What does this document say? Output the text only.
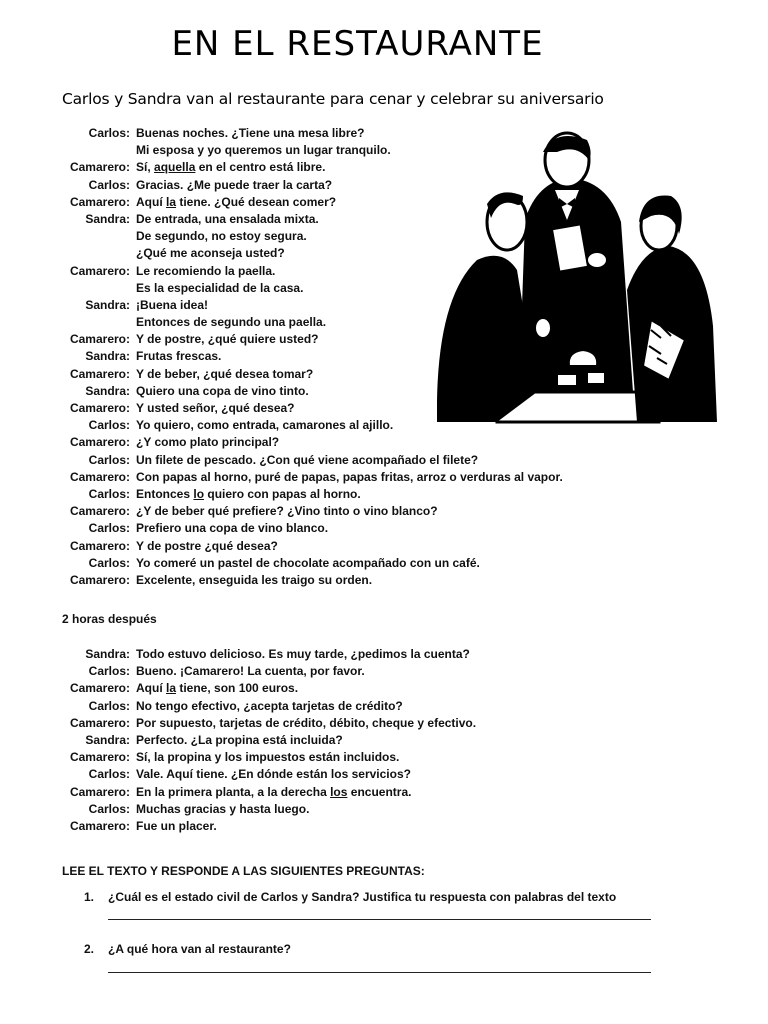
EN EL RESTAURANTE
Carlos y Sandra van al restaurante para cenar y celebrar su aniversario
Carlos: Buenas noches. ¿Tiene una mesa libre?
Mi esposa y yo queremos un lugar tranquilo.
Camarero: Sí, aquella en el centro está libre.
Carlos: Gracias. ¿Me puede traer la carta?
Camarero: Aquí la tiene. ¿Qué desean comer?
Sandra: De entrada, una ensalada mixta.
De segundo, no estoy segura.
¿Qué me aconseja usted?
Camarero: Le recomiendo la paella.
Es la especialidad de la casa.
Sandra: ¡Buena idea!
Entonces de segundo una paella.
Camarero: Y de postre, ¿qué quiere usted?
Sandra: Frutas frescas.
Camarero: Y de beber, ¿qué desea tomar?
Sandra: Quiero una copa de vino tinto.
Camarero: Y usted señor, ¿qué desea?
Carlos: Yo quiero, como entrada, camarones al ajillo.
Camarero: ¿Y como plato principal?
Carlos: Un filete de pescado. ¿Con qué viene acompañado el filete?
Camarero: Con papas al horno, puré de papas, papas fritas, arroz o verduras al vapor.
Carlos: Entonces lo quiero con papas al horno.
Camarero: ¿Y de beber qué prefiere? ¿Vino tinto o vino blanco?
Carlos: Prefiero una copa de vino blanco.
Camarero: Y de postre ¿qué desea?
Carlos: Yo comeré un pastel de chocolate acompañado con un café.
Camarero: Excelente, enseguida les traigo su orden.
2 horas después
Sandra: Todo estuvo delicioso. Es muy tarde, ¿pedimos la cuenta?
Carlos: Bueno. ¡Camarero! La cuenta, por favor.
Camarero: Aquí la tiene, son 100 euros.
Carlos: No tengo efectivo, ¿acepta tarjetas de crédito?
Camarero: Por supuesto, tarjetas de crédito, débito, cheque y efectivo.
Sandra: Perfecto. ¿La propina está incluida?
Camarero: Sí, la propina y los impuestos están incluidos.
Carlos: Vale. Aquí tiene. ¿En dónde están los servicios?
Camarero: En la primera planta, a la derecha los encuentra.
Carlos: Muchas gracias y hasta luego.
Camarero: Fue un placer.
LEE EL TEXTO Y RESPONDE A LAS SIGUIENTES PREGUNTAS:
1. ¿Cuál es el estado civil de Carlos y Sandra? Justifica tu respuesta con palabras del texto
2. ¿A qué hora van al restaurante?
